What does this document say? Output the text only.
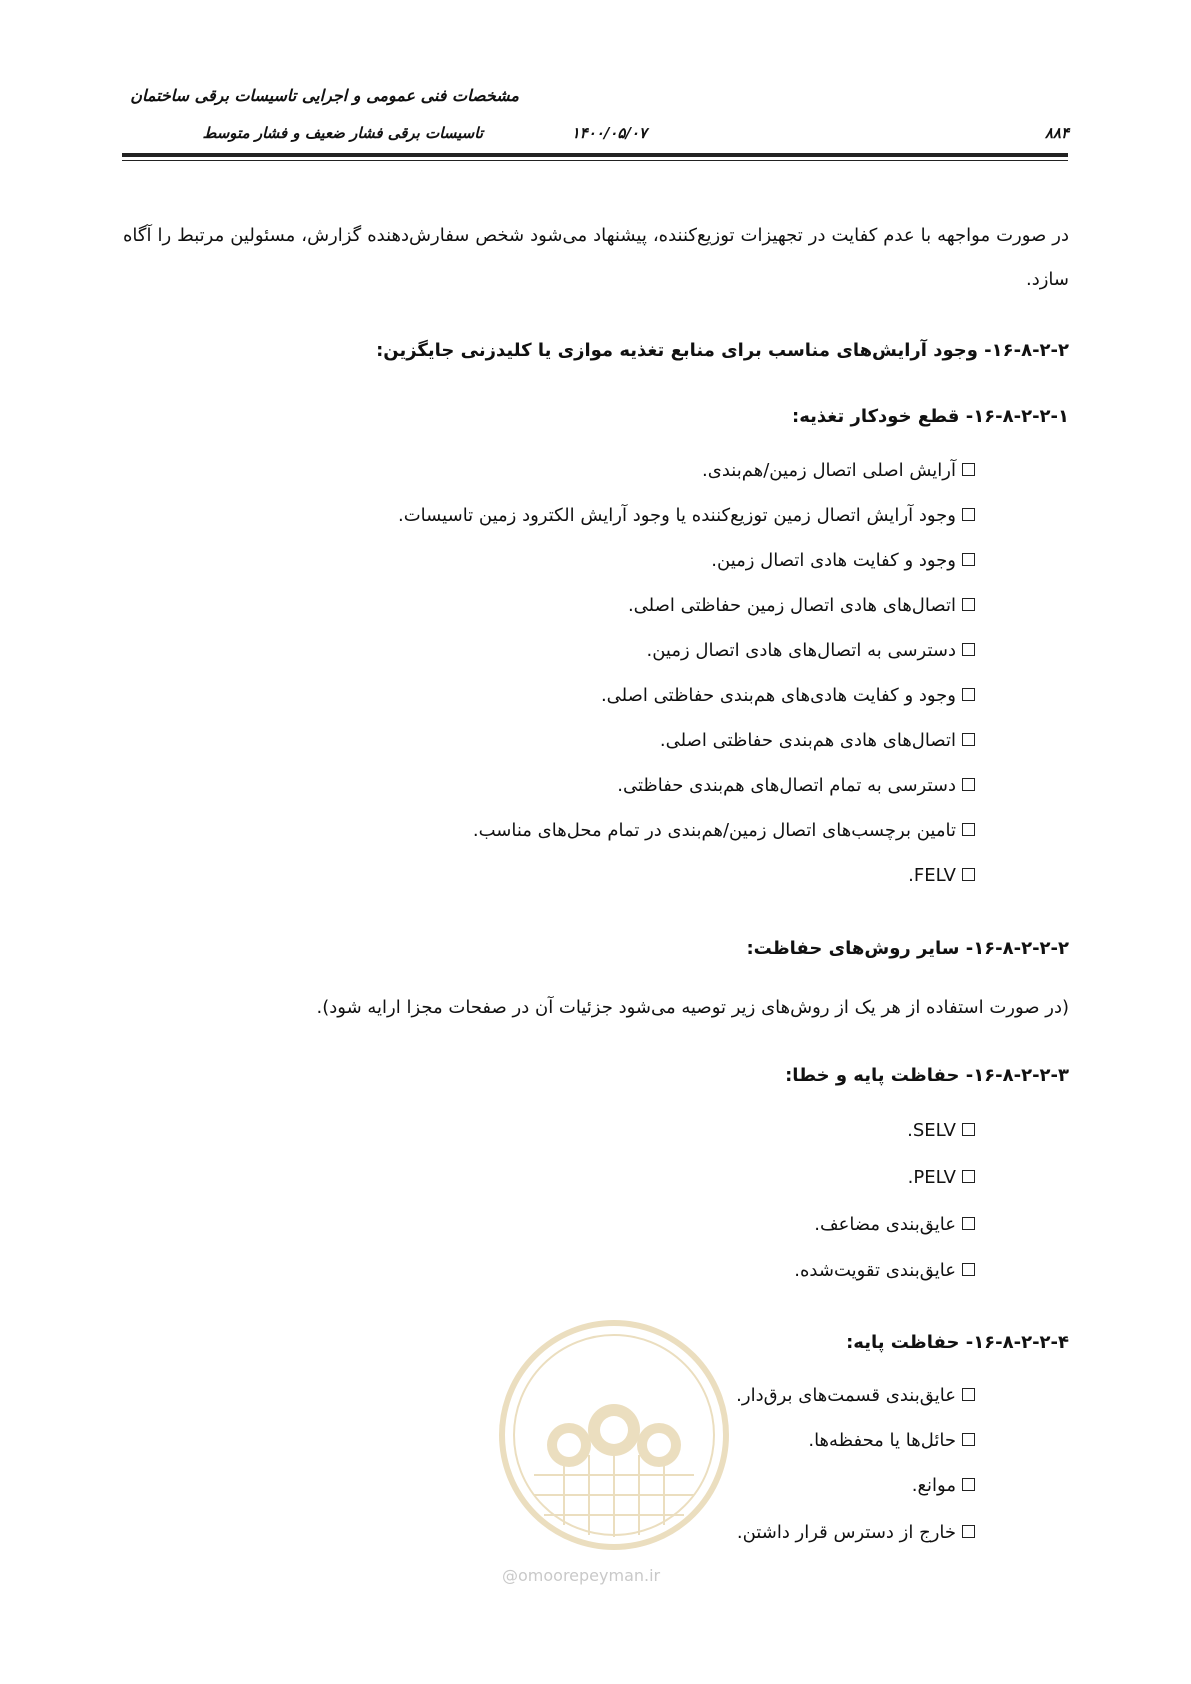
مشخصات فنی عمومی و اجرایی تاسیسات برقی ساختمان
تاسیسات برقی فشار ضعیف و فشار متوسط	۱۴۰۰/۰۵/۰۷	۸۸۴
در صورت مواجهه با عدم کفایت در تجهیزات توزیع‌کننده، پیشنهاد می‌شود شخص سفارش‌دهنده گزارش، مسئولین مرتبط را آگاه سازد.
۱۶-۸-۲-۲- وجود آرایش‌های مناسب برای منابع تغذیه موازی یا کلیدزنی جایگزین:
۱۶-۸-۲-۲-۱- قطع خودکار تغذیه:
آرایش اصلی اتصال زمین/هم‌بندی.
وجود آرایش اتصال زمین توزیع‌کننده یا وجود آرایش الکترود زمین تاسیسات.
وجود و کفایت هادی اتصال زمین.
اتصال‌های هادی اتصال زمین حفاظتی اصلی.
دسترسی به اتصال‌های هادی اتصال زمین.
وجود و کفایت هادی‌های هم‌بندی حفاظتی اصلی.
اتصال‌های هادی هم‌بندی حفاظتی اصلی.
دسترسی به تمام اتصال‌های هم‌بندی حفاظتی.
تامین برچسب‌های اتصال زمین/هم‌بندی در تمام محل‌های مناسب.
FELV.
۱۶-۸-۲-۲-۲- سایر روش‌های حفاظت:
(در صورت استفاده از هر یک از روش‌های زیر توصیه می‌شود جزئیات آن در صفحات مجزا ارایه شود).
۱۶-۸-۲-۲-۳- حفاظت پایه و خطا:
SELV.
PELV.
عایق‌بندی مضاعف.
عایق‌بندی تقویت‌شده.
۱۶-۸-۲-۲-۴- حفاظت پایه:
عایق‌بندی قسمت‌های برق‌دار.
حائل‌ها یا محفظه‌ها.
موانع.
خارج از دسترس قرار داشتن.
@omoorepeyman.ir
